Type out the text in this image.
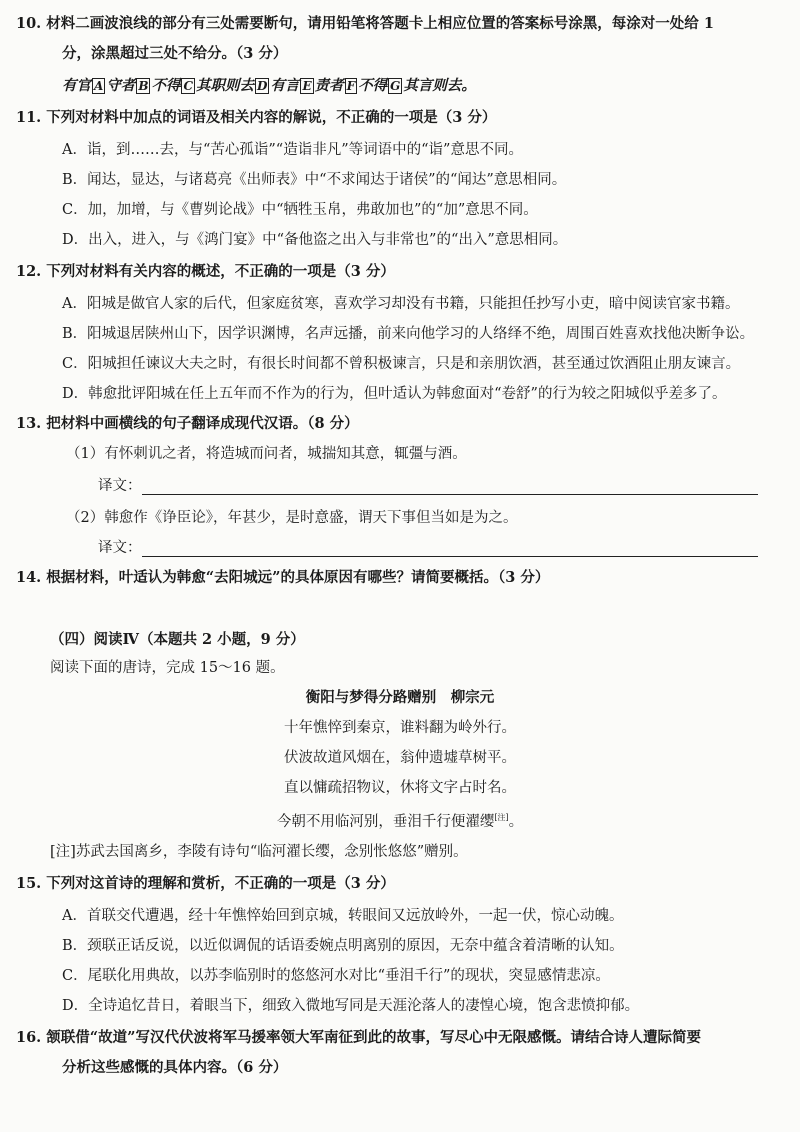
10. 材料二画波浪线的部分有三处需要断句，请用铅笔将答题卡上相应位置的答案标号涂黑，每涂对一处给 1
分，涂黑超过三处不给分。（3 分）
有官 A 守者 B 不得 C 其职则去 D 有言 E 责者 F 不得 G 其言则去。
11. 下列对材料中加点的词语及相关内容的解说，不正确的一项是（3 分）
A．诣，到……去，与“苦心孤诣”“造诣非凡”等词语中的“诣”意思不同。
B．闻达，显达，与诸葛亮《出师表》中“不求闻达于诸侯”的“闻达”意思相同。
C．加，加增，与《曹刿论战》中“牺牲玉帛，弗敢加也”的“加”意思不同。
D．出入，进入，与《鸿门宴》中“备他盗之出入与非常也”的“出入”意思相同。
12. 下列对材料有关内容的概述，不正确的一项是（3 分）
A．阳城是做官人家的后代，但家庭贫寒，喜欢学习却没有书籍，只能担任抄写小吏，暗中阅读官家书籍。
B．阳城退居陕州山下，因学识渊博，名声远播，前来向他学习的人络绎不绝，周围百姓喜欢找他决断争讼。
C．阳城担任谏议大夫之时，有很长时间都不曾积极谏言，只是和亲朋饮酒，甚至通过饮酒阻止朋友谏言。
D．韩愈批评阳城在任上五年而不作为的行为，但叶适认为韩愈面对“卷舒”的行为较之阳城似乎差多了。
13. 把材料中画横线的句子翻译成现代汉语。（8 分）
（1）有怀刺讥之者，将造城而问者，城揣知其意，辄彊与酒。
译文：
（2）韩愈作《诤臣论》，年甚少，是时意盛，谓天下事但当如是为之。
译文：
14. 根据材料，叶适认为韩愈“去阳城远”的具体原因有哪些？请简要概括。（3 分）
（四）阅读Ⅳ（本题共 2 小题，9 分）
阅读下面的唐诗，完成 15～16 题。
衡阳与梦得分路赠别　柳宗元
十年憔悴到秦京，谁料翻为岭外行。
伏波故道风烟在，翁仲遗墟草树平。
直以慵疏招物议，休将文字占时名。
今朝不用临河别，垂泪千行便濯缨[注]。
[注]苏武去国离乡，李陵有诗句“临河濯长缨，念别怅悠悠”赠别。
15. 下列对这首诗的理解和赏析，不正确的一项是（3 分）
A．首联交代遭遇，经十年憔悴始回到京城，转眼间又远放岭外，一起一伏，惊心动魄。
B．颈联正话反说，以近似调侃的话语委婉点明离别的原因，无奈中蕴含着清晰的认知。
C．尾联化用典故，以苏李临别时的悠悠河水对比“垂泪千行”的现状，突显感情悲凉。
D．全诗追忆昔日，着眼当下，细致入微地写同是天涯沦落人的凄惶心境，饱含悲愤抑郁。
16. 颔联借“故道”写汉代伏波将军马援率领大军南征到此的故事，写尽心中无限感慨。请结合诗人遭际简要
分析这些感慨的具体内容。（6 分）
